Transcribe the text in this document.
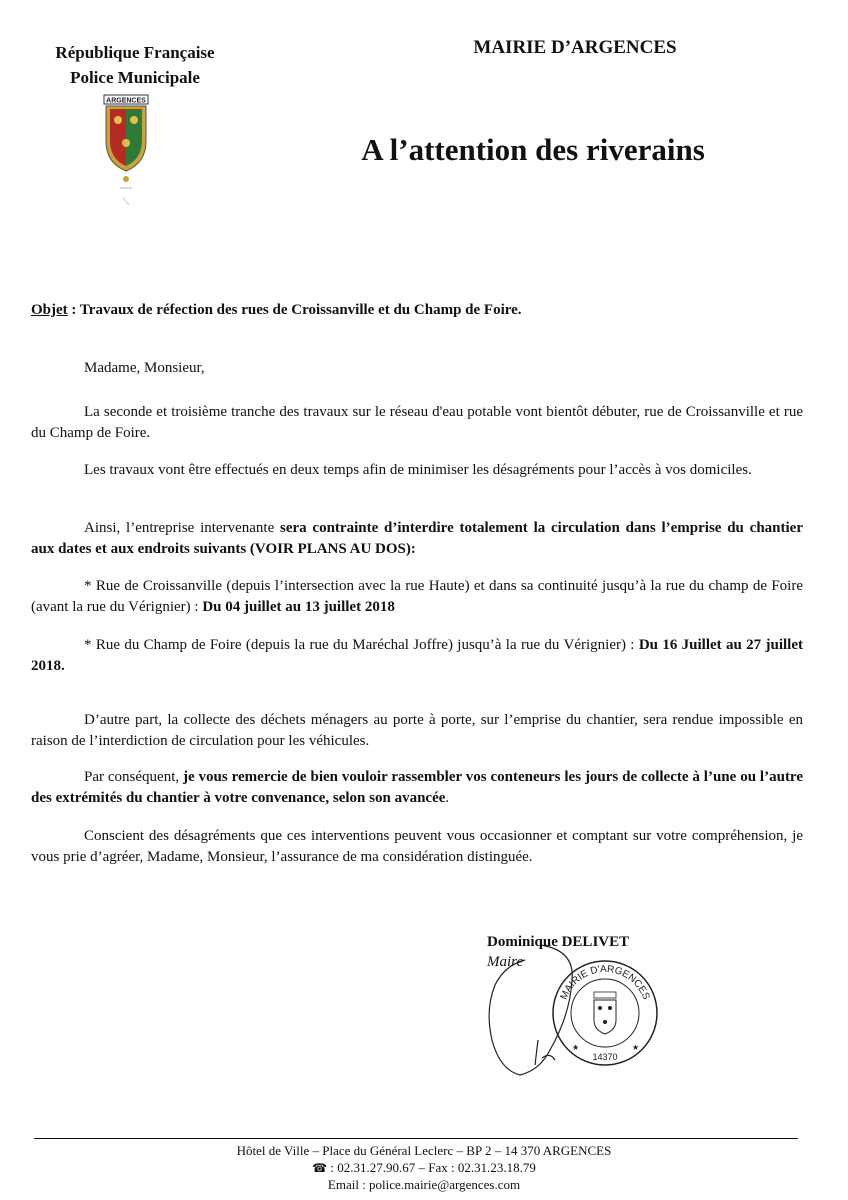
République Française
Police Municipale
ARGENCES
MAIRIE D’ARGENCES
A l’attention des riverains
Objet : Travaux de réfection des rues de Croissanville et du Champ de Foire.
Madame, Monsieur,
La seconde et troisième tranche des travaux sur le réseau d'eau potable vont bientôt débuter, rue de Croissanville et rue du Champ de Foire.
Les travaux vont être effectués en deux temps afin de minimiser les désagréments pour l’accès à vos domiciles.
Ainsi, l’entreprise intervenante sera contrainte d’interdire totalement la circulation dans l’emprise du chantier aux dates et aux endroits suivants (VOIR PLANS AU DOS):
* Rue de Croissanville (depuis l’intersection avec la rue Haute) et dans sa continuité jusqu’à la rue du champ de Foire (avant la rue du Vérignier) : Du 04 juillet au 13 juillet 2018
* Rue du Champ de Foire (depuis la rue du Maréchal Joffre) jusqu’à la rue du Vérignier) : Du 16 Juillet au 27 juillet 2018.
D’autre part, la collecte des déchets ménagers au porte à porte, sur l’emprise du chantier, sera rendue impossible en raison de l’interdiction de circulation pour les véhicules.
Par conséquent, je vous remercie de bien vouloir rassembler vos conteneurs les jours de collecte à l’une ou l’autre des extrémités du chantier à votre convenance, selon son avancée.
Conscient des désagréments que ces interventions peuvent vous occasionner et comptant sur votre compréhension, je vous prie d’agréer, Madame, Monsieur, l’assurance de ma considération distinguée.
Dominique DELIVET
Maire
MAIRIE D'ARGENCES
14370
★	★
Hôtel de Ville – Place du Général Leclerc – BP 2 – 14 370 ARGENCES
☎ : 02.31.27.90.67 – Fax : 02.31.23.18.79
Email : police.mairie@argences.com
